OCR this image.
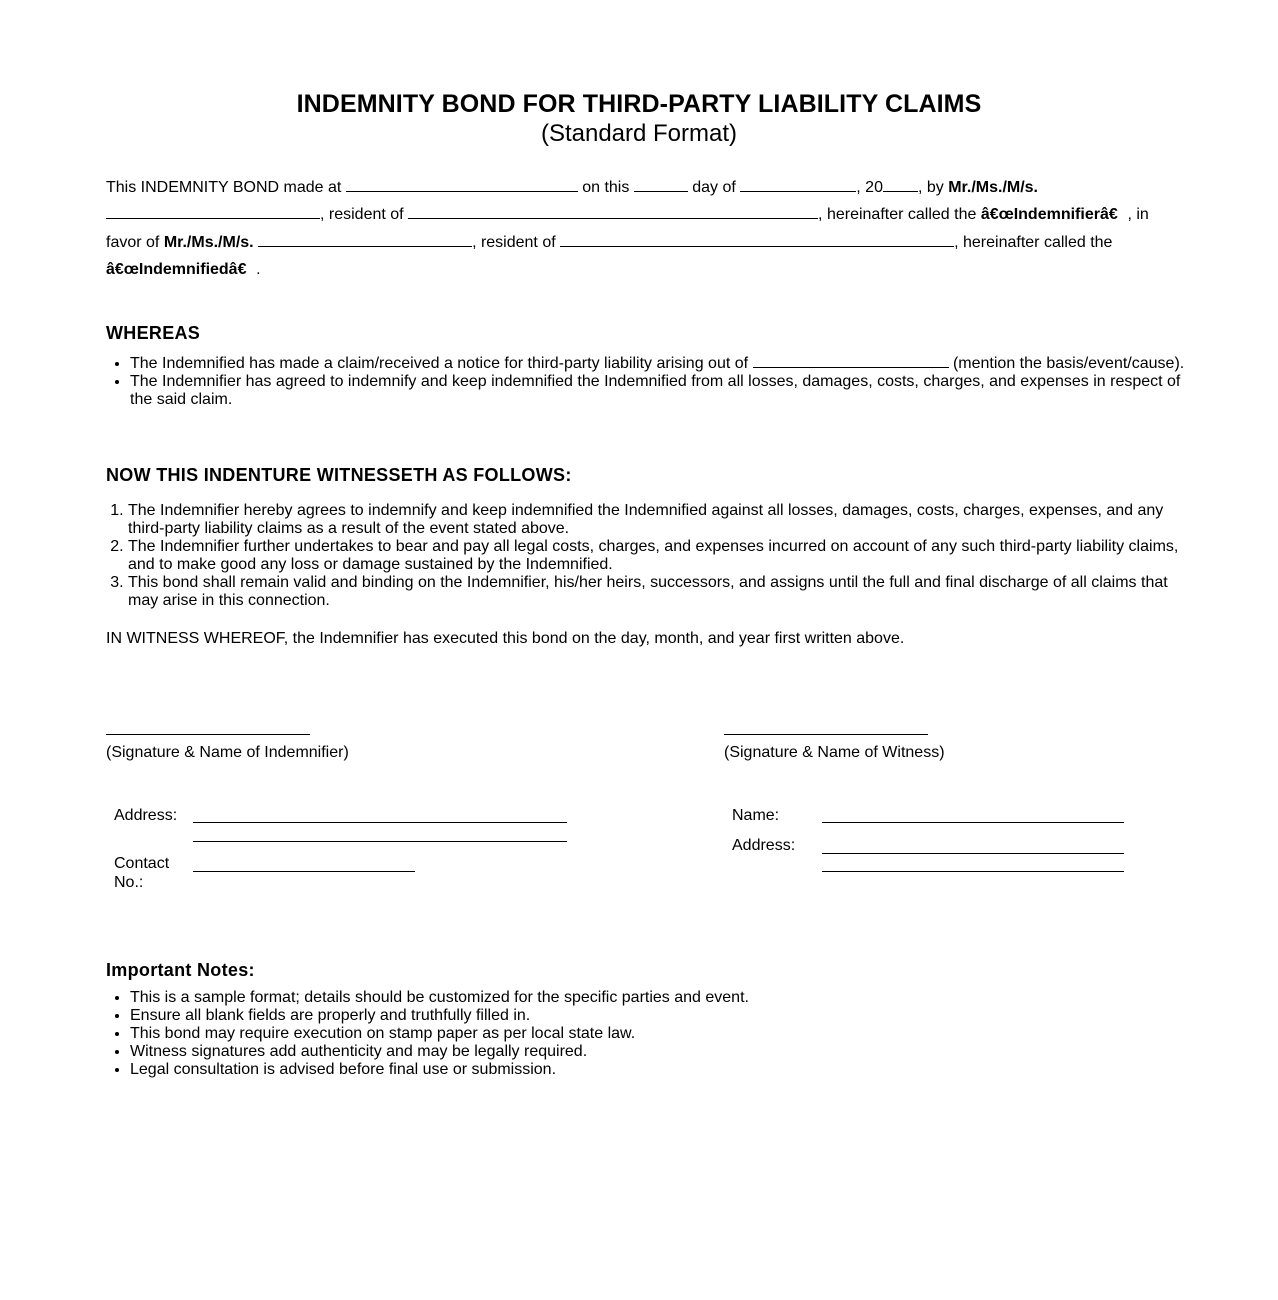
INDEMNITY BOND FOR THIRD-PARTY LIABILITY CLAIMS
(Standard Format)
This INDEMNITY BOND made at	on this	day of	, 20 , by Mr./Ms./M/s.
, resident of	, hereinafter called the â€œIndemnifierâ€, in favor of Mr./Ms./M/s.	, resident of	, hereinafter called the
â€œIndemnifiedâ€.
WHEREAS
• The Indemnified has made a claim/received a notice for third-party liability arising out of	(mention the basis/event/cause).
• The Indemnifier has agreed to indemnify and keep indemnified the Indemnified from all losses, damages, costs, charges, and expenses in respect of the said claim.
NOW THIS INDENTURE WITNESSETH AS FOLLOWS:
1. The Indemnifier hereby agrees to indemnify and keep indemnified the Indemnified against all losses, damages, costs, charges, expenses, and any third-party liability claims as a result of the event stated above.
2. The Indemnifier further undertakes to bear and pay all legal costs, charges, and expenses incurred on account of any such third-party liability claims, and to make good any loss or damage sustained by the Indemnified.
3. This bond shall remain valid and binding on the Indemnifier, his/her heirs, successors, and assigns until the full and final discharge of all claims that may arise in this connection.
IN WITNESS WHEREOF, the Indemnifier has executed this bond on the day, month, and year first written above.
(Signature & Name of Indemnifier)	(Signature & Name of Witness)
Address:
Contact No.:
Name:
Address:
Important Notes:
• This is a sample format; details should be customized for the specific parties and event.
• Ensure all blank fields are properly and truthfully filled in.
• This bond may require execution on stamp paper as per local state law.
• Witness signatures add authenticity and may be legally required.
• Legal consultation is advised before final use or submission.
